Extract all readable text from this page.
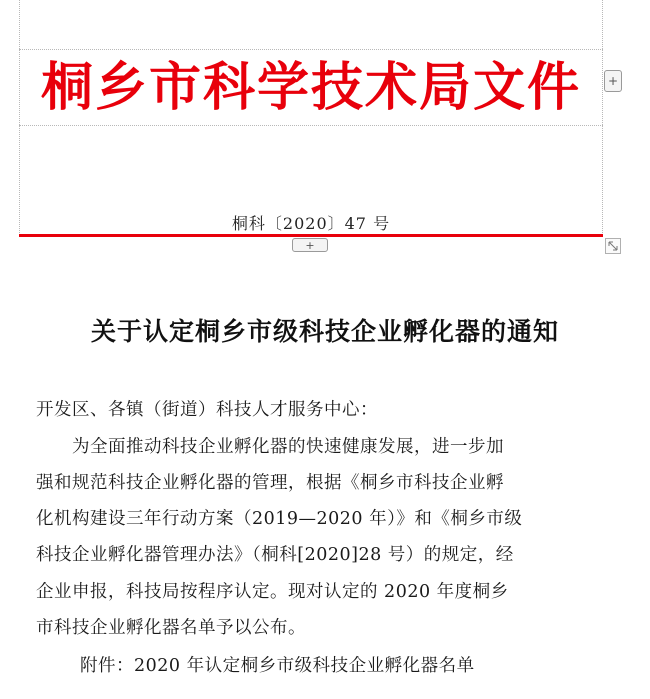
桐乡市科学技术局文件	+
桐科〔2020〕47 号
+
关于认定桐乡市级科技企业孵化器的通知
开发区、各镇（街道）科技人才服务中心：
为全面推动科技企业孵化器的快速健康发展，进一步加
强和规范科技企业孵化器的管理，根据《桐乡市科技企业孵
化机构建设三年行动方案（2019—2020 年）》和《桐乡市级
科技企业孵化器管理办法》（桐科[2020]28 号）的规定，经
企业申报，科技局按程序认定。现对认定的 2020 年度桐乡
市科技企业孵化器名单予以公布。
附件：2020 年认定桐乡市级科技企业孵化器名单
